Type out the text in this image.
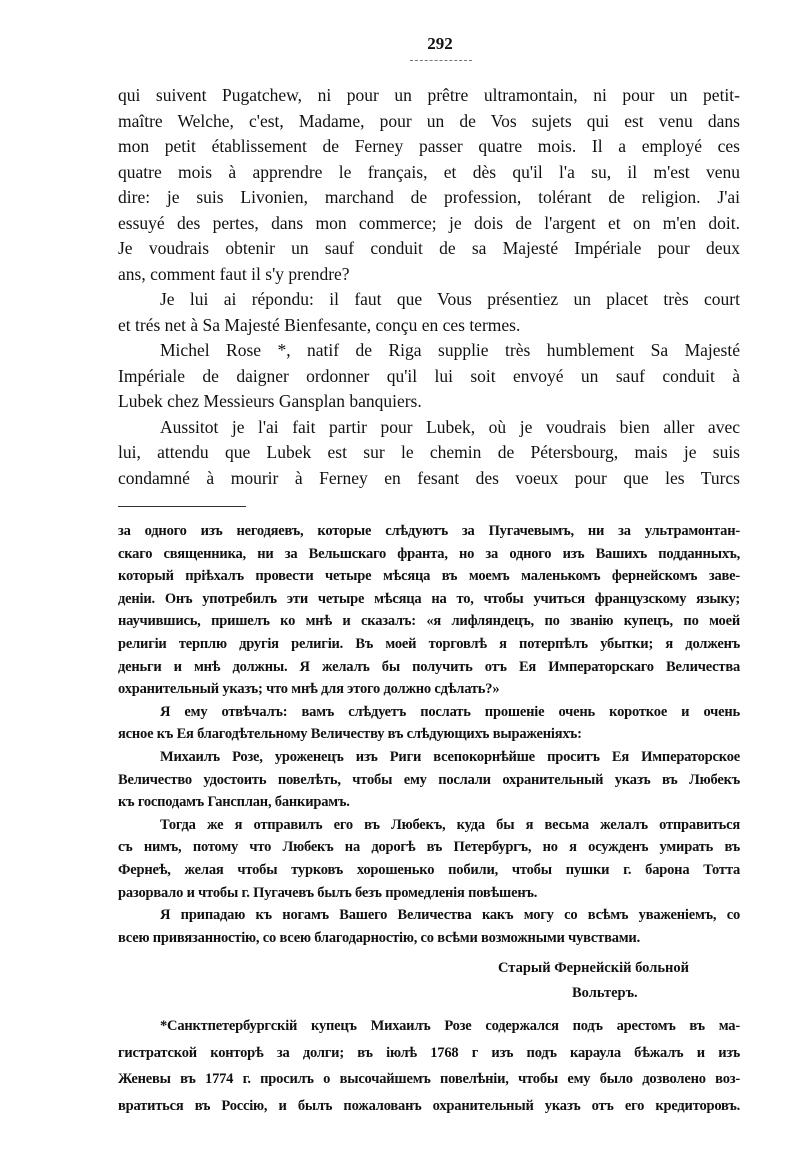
292
qui suivent Pugatchew, ni pour un prêtre ultramontain, ni pour un petit-
maître Welche, c'est, Madame, pour un de Vos sujets qui est venu dans
mon petit établissement de Ferney passer quatre mois. Il a employé ces
quatre mois à apprendre le français, et dès qu'il l'a su, il m'est venu
dire: je suis Livonien, marchand de profession, tolérant de religion. J'ai
essuyé des pertes, dans mon commerce; je dois de l'argent et on m'en doit.
Je voudrais obtenir un sauf conduit de sa Majesté Impériale pour deux
ans, comment faut il s'y prendre?
Je lui ai répondu: il faut que Vous présentiez un placet très court
et trés net à Sa Majesté Bienfesante, conçu en ces termes.
Michel Rose *, natif de Riga supplie très humblement Sa Majesté
Impériale de daigner ordonner qu'il lui soit envoyé un sauf conduit à
Lubek chez Messieurs Gansplan banquiers.
Aussitot je l'ai fait partir pour Lubek, où je voudrais bien aller avec
lui, attendu que Lubek est sur le chemin de Pétersbourg, mais je suis
condamné à mourir à Ferney en fesant des voeux pour que les Turcs
за одного изъ негодяевъ, которые слѣдуютъ за Пугачевымъ, ни за ультрамонтан-
скаго священника, ни за Вельшскаго франта, но за одного изъ Вашихъ подданныхъ,
который пріѣхалъ провести четыре мѣсяца въ моемъ маленькомъ фернейскомъ заве-
деніи. Онъ употребилъ эти четыре мѣсяца на то, чтобы учиться французскому языку;
научившись, пришелъ ко мнѣ и сказалъ: «я лифляндецъ, по званію купецъ, по моей
религіи терплю другія религіи. Въ моей торговлѣ я потерпѣлъ убытки; я долженъ
деньги и мнѣ должны. Я желалъ бы получить отъ Ея Императорскаго Величества
охранительный указъ; что мнѣ для этого должно сдѣлать?»
Я ему отвѣчалъ: вамъ слѣдуетъ послать прошеніе очень короткое и очень
ясное къ Ея благодѣтельному Величеству въ слѣдующихъ выраженіяхъ:
Михаилъ Розе, уроженецъ изъ Риги всепокорнѣйше проситъ Ея Императорское
Величество удостоить повелѣть, чтобы ему послали охранительный указъ въ Любекъ
къ господамъ Гансплан, банкирамъ.
Тогда же я отправилъ его въ Любекъ, куда бы я весьма желалъ отправиться
съ нимъ, потому что Любекъ на дорогѣ въ Петербургъ, но я осужденъ умирать въ
Фернеѣ, желая чтобы турковъ хорошенько побили, чтобы пушки г. барона Тотта
разорвало и чтобы г. Пугачевъ былъ безъ промедленія повѣшенъ.
Я припадаю къ ногамъ Вашего Величества какъ могу со всѣмъ уваженіемъ, со
всею привязанностію, со всею благодарностію, со всѣми возможными чувствами.
Старый Фернейскій больной
Вольтеръ.
*Санктпетербургскій купецъ Михаилъ Розе содержался подъ арестомъ въ ма-
гистратской конторѣ за долги; въ іюлѣ 1768 г изъ подъ караула бѣжалъ и изъ
Женевы въ 1774 г. просилъ о высочайшемъ повелѣніи, чтобы ему было дозволено воз-
вратиться въ Россію, и былъ пожалованъ охранительный указъ отъ его кредиторовъ.
